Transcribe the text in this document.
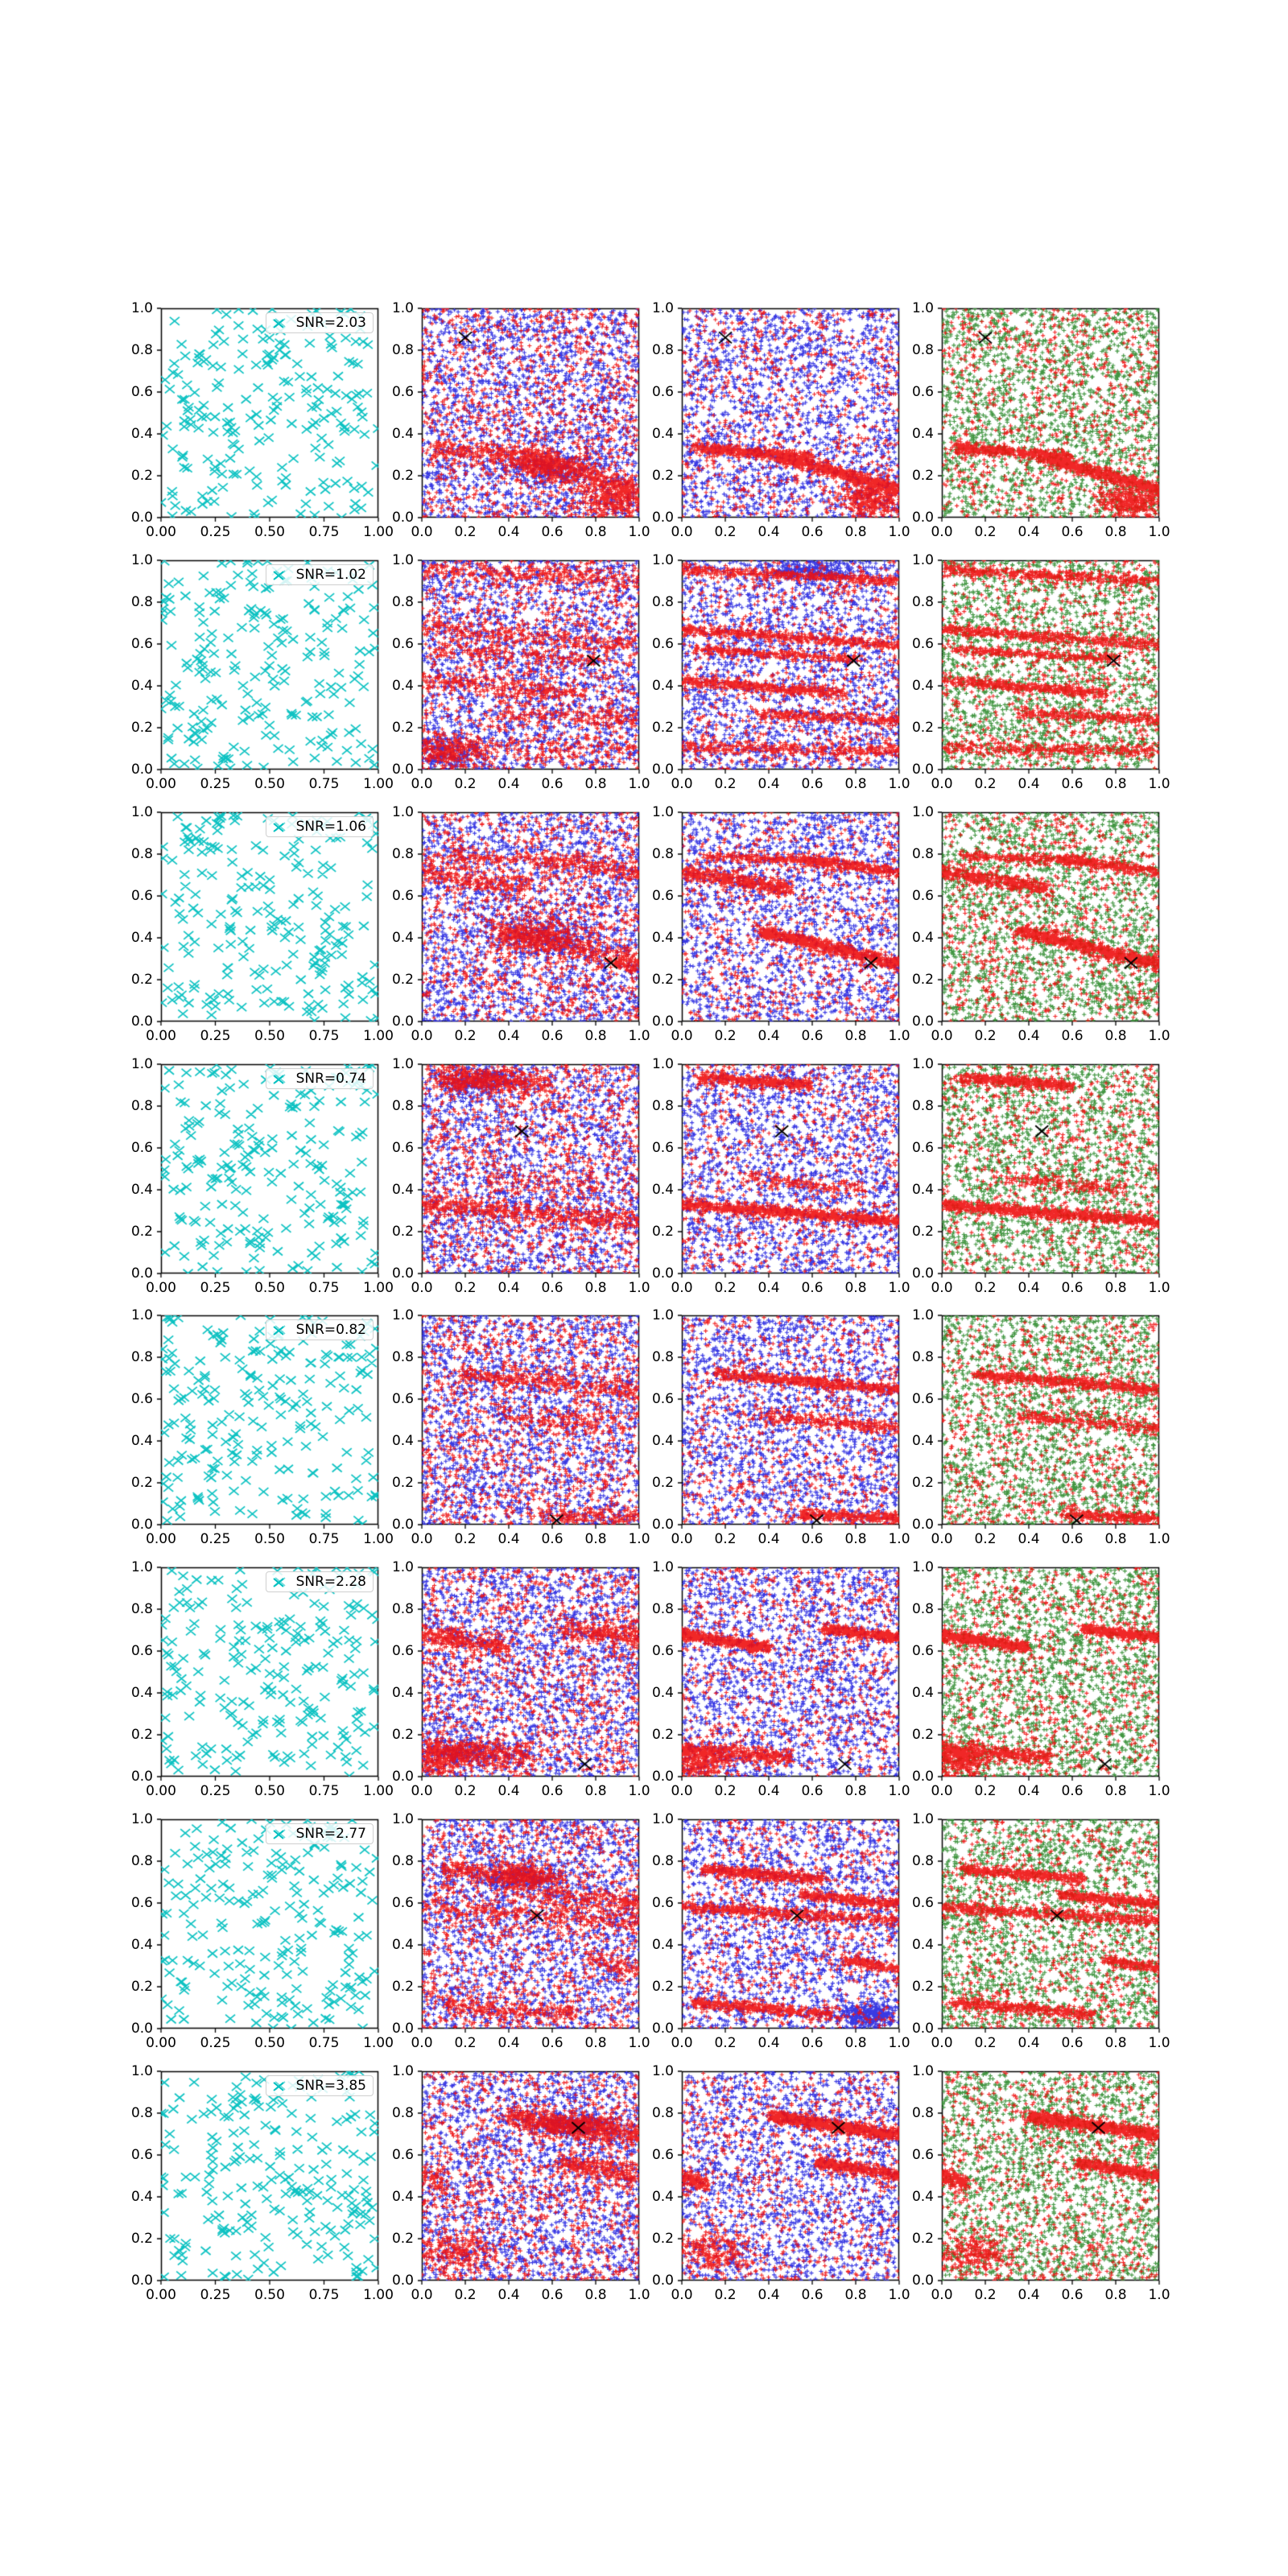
0.0
0.2
0.4
0.6
0.8
1.0
0.00	0.25	0.50	0.75	1.00
SNR=2.03
0.0
0.2
0.4
0.6
0.8
1.0
0.0	0.2	0.4	0.6	0.8	1.0
0.0
0.2
0.4
0.6
0.8
1.0
0.0	0.2	0.4	0.6	0.8	1.0
0.0
0.2
0.4
0.6
0.8
1.0
0.0	0.2	0.4	0.6	0.8	1.0
0.0
0.2
0.4
0.6
0.8
1.0
0.00	0.25	0.50	0.75	1.00
SNR=1.02
0.0
0.2
0.4
0.6
0.8
1.0
0.0	0.2	0.4	0.6	0.8	1.0
0.0
0.2
0.4
0.6
0.8
1.0
0.0	0.2	0.4	0.6	0.8	1.0
0.0
0.2
0.4
0.6
0.8
1.0
0.0	0.2	0.4	0.6	0.8	1.0
0.0
0.2
0.4
0.6
0.8
1.0
0.00	0.25	0.50	0.75	1.00
SNR=1.06
0.0
0.2
0.4
0.6
0.8
1.0
0.0	0.2	0.4	0.6	0.8	1.0
0.0
0.2
0.4
0.6
0.8
1.0
0.0	0.2	0.4	0.6	0.8	1.0
0.0
0.2
0.4
0.6
0.8
1.0
0.0	0.2	0.4	0.6	0.8	1.0
0.0
0.2
0.4
0.6
0.8
1.0
0.00	0.25	0.50	0.75	1.00
SNR=0.74
0.0
0.2
0.4
0.6
0.8
1.0
0.0	0.2	0.4	0.6	0.8	1.0
0.0
0.2
0.4
0.6
0.8
1.0
0.0	0.2	0.4	0.6	0.8	1.0
0.0
0.2
0.4
0.6
0.8
1.0
0.0	0.2	0.4	0.6	0.8	1.0
0.0
0.2
0.4
0.6
0.8
1.0
0.00	0.25	0.50	0.75	1.00
SNR=0.82
0.0
0.2
0.4
0.6
0.8
1.0
0.0	0.2	0.4	0.6	0.8	1.0
0.0
0.2
0.4
0.6
0.8
1.0
0.0	0.2	0.4	0.6	0.8	1.0
0.0
0.2
0.4
0.6
0.8
1.0
0.0	0.2	0.4	0.6	0.8	1.0
0.0
0.2
0.4
0.6
0.8
1.0
0.00	0.25	0.50	0.75	1.00
SNR=2.28
0.0
0.2
0.4
0.6
0.8
1.0
0.0	0.2	0.4	0.6	0.8	1.0
0.0
0.2
0.4
0.6
0.8
1.0
0.0	0.2	0.4	0.6	0.8	1.0
0.0
0.2
0.4
0.6
0.8
1.0
0.0	0.2	0.4	0.6	0.8	1.0
0.0
0.2
0.4
0.6
0.8
1.0
0.00	0.25	0.50	0.75	1.00
SNR=2.77
0.0
0.2
0.4
0.6
0.8
1.0
0.0	0.2	0.4	0.6	0.8	1.0
0.0
0.2
0.4
0.6
0.8
1.0
0.0	0.2	0.4	0.6	0.8	1.0
0.0
0.2
0.4
0.6
0.8
1.0
0.0	0.2	0.4	0.6	0.8	1.0
0.0
0.2
0.4
0.6
0.8
1.0
0.00	0.25	0.50	0.75	1.00
SNR=3.85
0.0
0.2
0.4
0.6
0.8
1.0
0.0	0.2	0.4	0.6	0.8	1.0
0.0
0.2
0.4
0.6
0.8
1.0
0.0	0.2	0.4	0.6	0.8	1.0
0.0
0.2
0.4
0.6
0.8
1.0
0.0	0.2	0.4	0.6	0.8	1.0
